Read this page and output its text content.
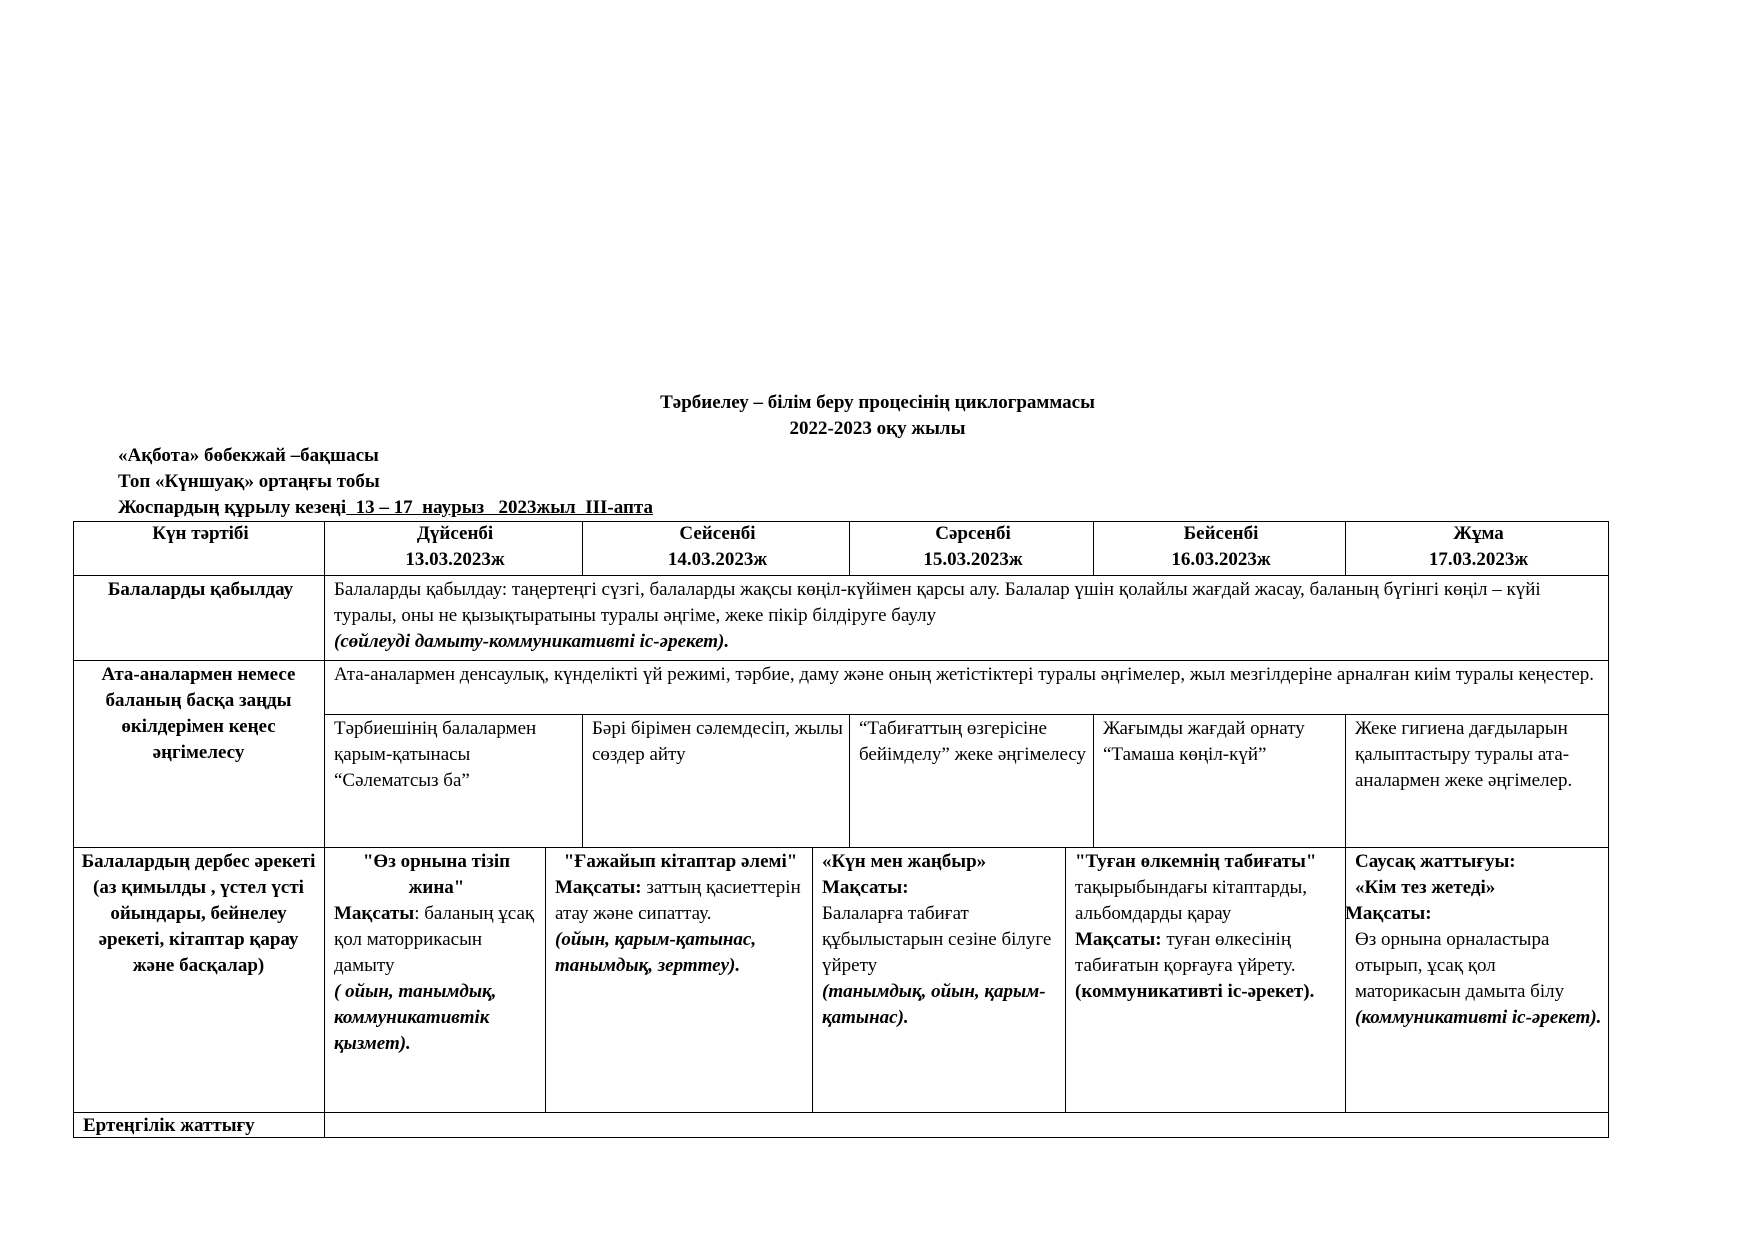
Тәрбиелеу – білім беру процесінің циклограммасы
2022-2023 оқу жылы
«Ақбота» бөбекжай –бақшасы
Топ «Күншуақ» ортаңғы тобы
Жоспардың құрылу кезеңі  13 – 17  наурыз   2023жыл  ІІІ-апта
Күн тәртібі	Дүйсенбі

13.03.2023ж

Сейсенбі

14.03.2023ж

Сәрсенбі

15.03.2023ж

Бейсенбі

16.03.2023ж

Жұма

17.03.2023ж

Балаларды қабылдау	Балаларды қабылдау: таңертеңгі сүзгі, балаларды жақсы көңіл-күйімен қарсы алу. Балалар үшін қолайлы жағдай жасау, баланың бүгінгі көңіл – күйі туралы, оны не қызықтыратыны туралы әңгіме, жеке пікір білдіруге баулу

(сөйлеуді дамыту-коммуникативті іс-әрекет).

Ата-аналармен немесе баланың басқа заңды өкілдерімен кеңес әңгімелесу
Ата-аналармен денсаулық, күнделікті үй режимі, тәрбие, даму және оның жетістіктері туралы әңгімелер, жыл мезгілдеріне арналған киім туралы кеңестер.
Тәрбиешінің балалармен қарым-қатынасы “Сәлематсыз ба”
Бәрі бірімен сәлемдесіп, жылы сөздер айту
“Табиғаттың өзгерісіне бейімделу” жеке әңгімелесу
Жағымды жағдай орнату “Тамаша көңіл-күй”
Жеке гигиена дағдыларын қалыптастыру туралы ата-аналармен жеке әңгімелер.
Балалардың дербес әрекеті (аз қимылды , үстел үсті ойындары, бейнелеу әрекеті, кітаптар қарау және басқалар)

"Өз орнына тізіп жина"

Мақсаты: баланың ұсақ қол маторрикасын дамыту

( ойын, танымдық, коммуникативтік қызмет).

"Ғажайып кітаптар әлемі"

Мақсаты: заттың қасиеттерін атау және сипаттау.

(ойын, қарым-қатынас, танымдық, зерттеу).

«Күн мен жаңбыр»

Мақсаты:

Балаларға табиғат құбылыстарын сезіне білуге үйрету

(танымдық, ойын, қарым-қатынас).

"Туған өлкемнің табиғаты"

тақырыбындағы кітаптарды, альбомдарды қарау

Мақсаты: туған өлкесінің табиғатын қорғауға үйрету.

(коммуникативті іс-әрекет).

Саусақ жаттығуы:

«Кім тез жетеді»

Мақсаты:

Өз орнына орналастыра отырып, ұсақ қол маторикасын дамыта білу

(коммуникативті іс-әрекет).

Ертеңгілік жаттығу
